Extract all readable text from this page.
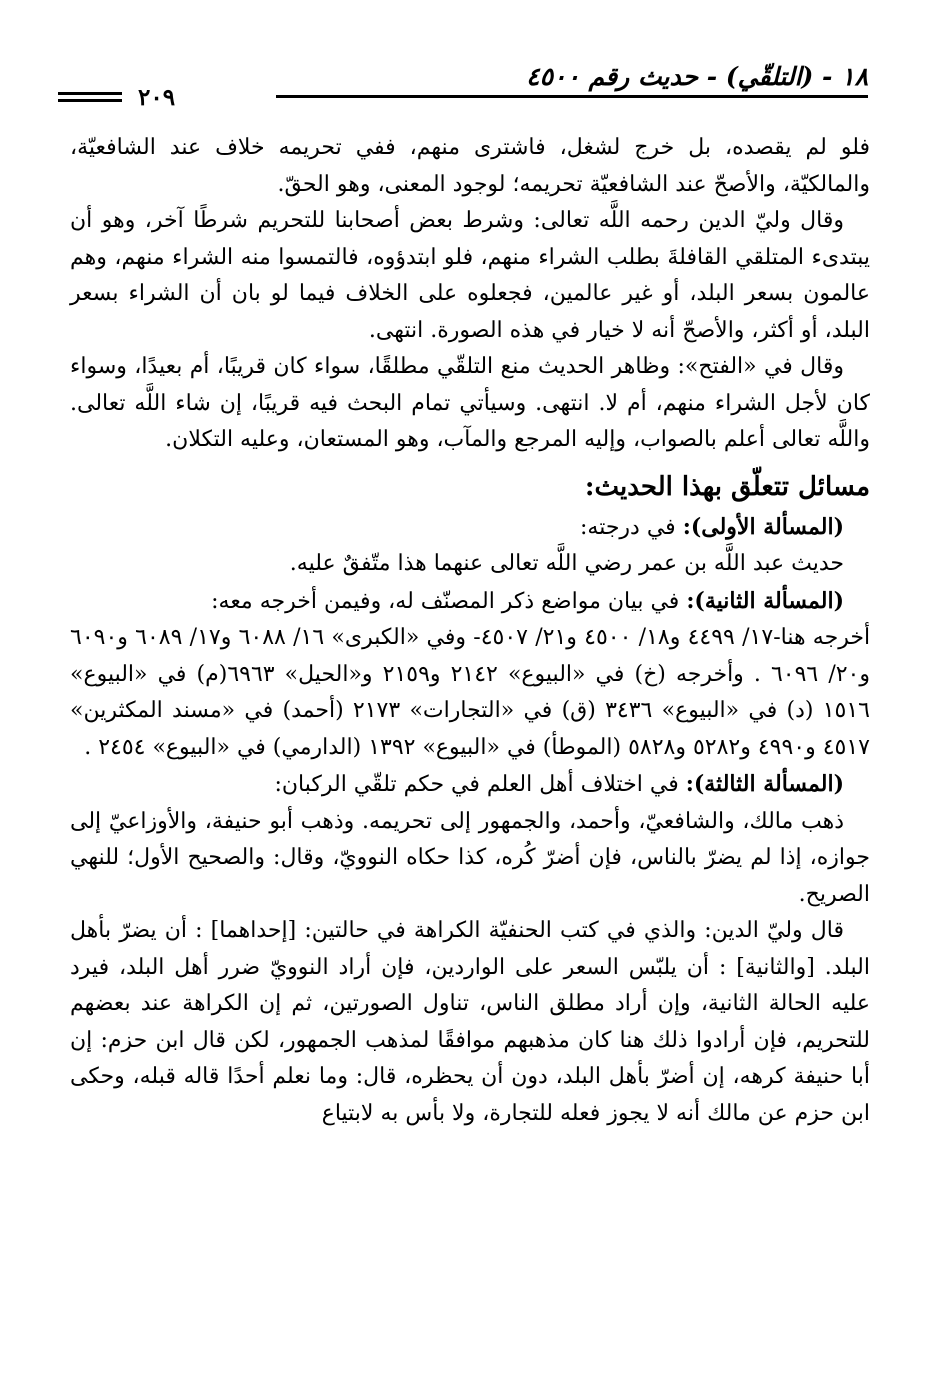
١٨ - (التلقّي) - حديث رقم ٤٥٠٠
٢٠٩

فلو لم يقصده، بل خرج لشغل، فاشترى منهم، ففي تحريمه خلاف عند الشافعيّة، والمالكيّة، والأصحّ عند الشافعيّة تحريمه؛ لوجود المعنى، وهو الحقّ.

وقال وليّ الدين رحمه اللَّه تعالى: وشرط بعض أصحابنا للتحريم شرطًا آخر، وهو أن يبتدىء المتلقي القافلةَ بطلب الشراء منهم، فلو ابتدؤوه، فالتمسوا منه الشراء منهم، وهم عالمون بسعر البلد، أو غير عالمين، فجعلوه على الخلاف فيما لو بان أن الشراء بسعر البلد، أو أكثر، والأصحّ أنه لا خيار في هذه الصورة. انتهى.

وقال في «الفتح»: وظاهر الحديث منع التلقّي مطلقًا، سواء كان قريبًا، أم بعيدًا، وسواء كان لأجل الشراء منهم، أم لا. انتهى. وسيأتي تمام البحث فيه قريبًا، إن شاء اللَّه تعالى. واللَّه تعالى أعلم بالصواب، وإليه المرجع والمآب، وهو المستعان، وعليه التكلان.

مسائل تتعلّق بهذا الحديث:

(المسألة الأولى): في درجته:

حديث عبد اللَّه بن عمر رضي اللَّه تعالى عنهما هذا متّفقٌ عليه.

(المسألة الثانية): في بيان مواضع ذكر المصنّف له، وفيمن أخرجه معه:

أخرجه هنا-١٧/ ٤٤٩٩ و١٨/ ٤٥٠٠ و٢١/ ٤٥٠٧- وفي «الكبرى» ١٦/ ٦٠٨٨ و١٧/ ٦٠٨٩ و٦٠٩٠ و٢٠/ ٦٠٩٦ . وأخرجه (خ) في «البيوع» ٢١٤٢ و٢١٥٩ و«الحيل» ٦٩٦٣(م) في «البيوع» ١٥١٦ (د) في «البيوع» ٣٤٣٦ (ق) في «التجارات» ٢١٧٣ (أحمد) في «مسند المكثرين» ٤٥١٧ و٤٩٩٠ و٥٢٨٢ و٥٨٢٨ (الموطأ) في «البيوع» ١٣٩٢ (الدارمي) في «البيوع» ٢٤٥٤ .

(المسألة الثالثة): في اختلاف أهل العلم في حكم تلقّي الركبان:

ذهب مالك، والشافعيّ، وأحمد، والجمهور إلى تحريمه. وذهب أبو حنيفة، والأوزاعيّ إلى جوازه، إذا لم يضرّ بالناس، فإن أضرّ كُره، كذا حكاه النوويّ، وقال: والصحيح الأول؛ للنهي الصريح.

قال وليّ الدين: والذي في كتب الحنفيّة الكراهة في حالتين: [إحداهما] : أن يضرّ بأهل البلد. [والثانية] : أن يلبّس السعر على الواردين، فإن أراد النوويّ ضرر أهل البلد، فيرد عليه الحالة الثانية، وإن أراد مطلق الناس، تناول الصورتين، ثم إن الكراهة عند بعضهم للتحريم، فإن أرادوا ذلك هنا كان مذهبهم موافقًا لمذهب الجمهور، لكن قال ابن حزم: إن أبا حنيفة كرهه، إن أضرّ بأهل البلد، دون أن يحظره، قال: وما نعلم أحدًا قاله قبله، وحكى ابن حزم عن مالك أنه لا يجوز فعله للتجارة، ولا بأس به لابتياع
